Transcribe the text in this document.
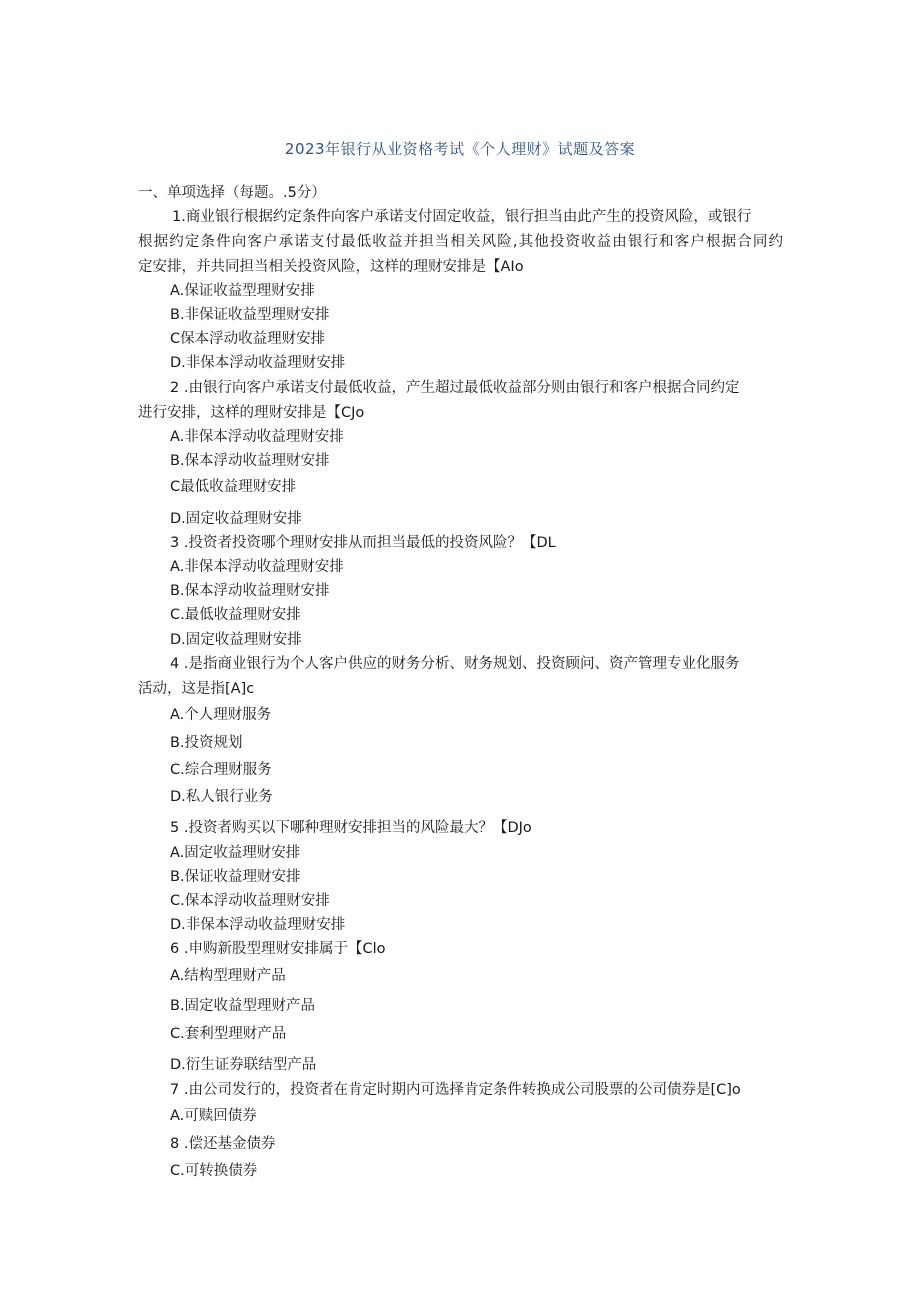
2023年银行从业资格考试《个人理财》试题及答案
一、单项选择（每题。.5分）
1.商业银行根据约定条件向客户承诺支付固定收益，银行担当由此产生的投资风险，或银行
根据约定条件向客户承诺支付最低收益并担当相关风险,其他投资收益由银行和客户根据合同约
定安排，并共同担当相关投资风险，这样的理财安排是【AIo
A.保证收益型理财安排
B.非保证收益型理财安排
C保本浮动收益理财安排
D.非保本浮动收益理财安排
2 .由银行向客户承诺支付最低收益，产生超过最低收益部分则由银行和客户根据合同约定
进行安排，这样的理财安排是【CJo
A.非保本浮动收益理财安排
B.保本浮动收益理财安排
C最低收益理财安排
D.固定收益理财安排
3 .投资者投资哪个理财安排从而担当最低的投资风险？【DL
A.非保本浮动收益理财安排
B.保本浮动收益理财安排
C.最低收益理财安排
D.固定收益理财安排
4 .是指商业银行为个人客户供应的财务分析、财务规划、投资顾问、资产管理专业化服务
活动，这是指[A]c
A.个人理财服务
B.投资规划
C.综合理财服务
D.私人银行业务
5 .投资者购买以下哪种理财安排担当的风险最大？【DJo
A.固定收益理财安排
B.保证收益理财安排
C.保本浮动收益理财安排
D.非保本浮动收益理财安排
6 .申购新股型理财安排属于【Clo
A.结构型理财产品
B.固定收益型理财产品
C.套利型理财产品
D.衍生证券联结型产品
7 .由公司发行的，投资者在肯定时期内可选择肯定条件转换成公司股票的公司债券是[C]o
A.可赎回债券
8 .偿还基金债券
C.可转换债券
